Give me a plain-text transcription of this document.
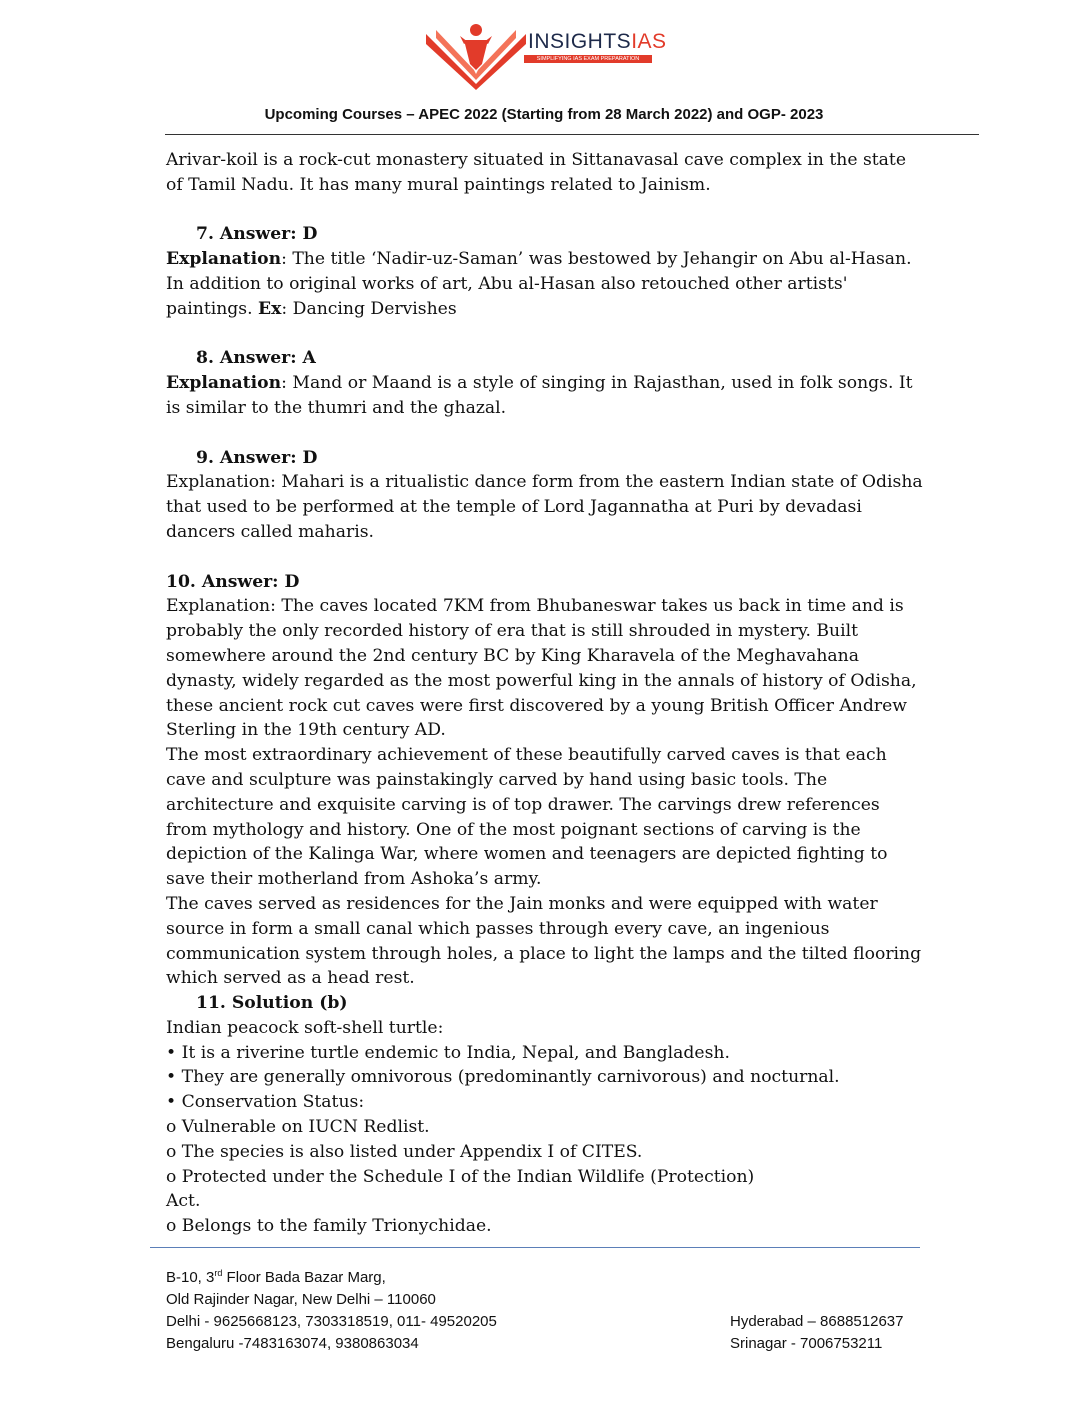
INSIGHTSIAS
SIMPLIFYING IAS EXAM PREPARATION
Upcoming Courses – APEC 2022 (Starting from 28 March 2022) and OGP- 2023

Arivar-koil is a rock-cut monastery situated in Sittanavasal cave complex in the state of Tamil Nadu. It has many mural paintings related to Jainism.

7. Answer: D

Explanation: The title ‘Nadir-uz-Saman’ was bestowed by Jehangir on Abu al-Hasan. In addition to original works of art, Abu al-Hasan also retouched other artists' paintings. Ex: Dancing Dervishes

8. Answer: A

Explanation: Mand or Maand is a style of singing in Rajasthan, used in folk songs. It is similar to the thumri and the ghazal.

9. Answer: D

Explanation: Mahari is a ritualistic dance form from the eastern Indian state of Odisha that used to be performed at the temple of Lord Jagannatha at Puri by devadasi dancers called maharis.

10. Answer: D

Explanation: The caves located 7KM from Bhubaneswar takes us back in time and is probably the only recorded history of era that is still shrouded in mystery. Built somewhere around the 2nd century BC by King Kharavela of the Meghavahana dynasty, widely regarded as the most powerful king in the annals of history of Odisha, these ancient rock cut caves were first discovered by a young British Officer Andrew Sterling in the 19th century AD.

The most extraordinary achievement of these beautifully carved caves is that each cave and sculpture was painstakingly carved by hand using basic tools. The architecture and exquisite carving is of top drawer. The carvings drew references from mythology and history. One of the most poignant sections of carving is the depiction of the Kalinga War, where women and teenagers are depicted fighting to save their motherland from Ashoka’s army.

The caves served as residences for the Jain monks and were equipped with water source in form a small canal which passes through every cave, an ingenious communication system through holes, a place to light the lamps and the tilted flooring which served as a head rest.

11. Solution (b)

Indian peacock soft-shell turtle:

• It is a riverine turtle endemic to India, Nepal, and Bangladesh.

• They are generally omnivorous (predominantly carnivorous) and nocturnal.

• Conservation Status:

o Vulnerable on IUCN Redlist.

o The species is also listed under Appendix I of CITES.

o Protected under the Schedule I of the Indian Wildlife (Protection)

Act.

o Belongs to the family Trionychidae.

B-10, 3rd Floor Bada Bazar Marg,
Old Rajinder Nagar, New Delhi – 110060
Delhi - 9625668123, 7303318519, 011- 49520205	Hyderabad – 8688512637
Bengaluru -7483163074, 9380863034	Srinagar - 7006753211
